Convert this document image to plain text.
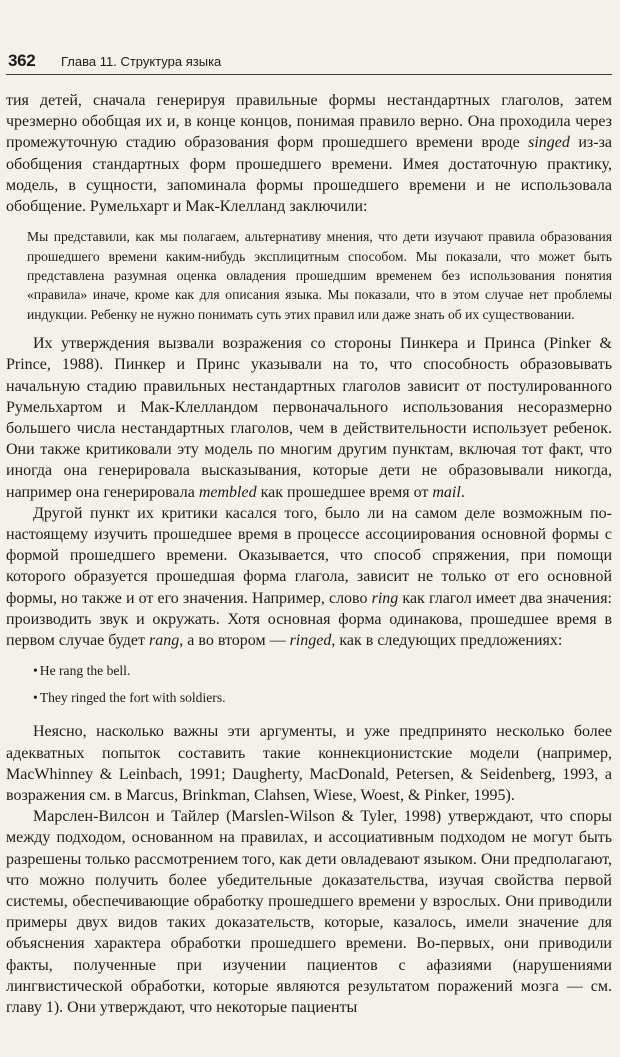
362 Глава 11. Структура языка

тия детей, сначала генерируя правильные формы нестандартных глаголов, затем чрезмерно обобщая их и, в конце концов, понимая правило верно. Она проходила через промежуточную стадию образования форм прошедшего времени вроде singed из-за обобщения стандартных форм прошедшего времени. Имея достаточную практику, модель, в сущности, запоминала формы прошедшего времени и не использовала обобщение. Румельхарт и Мак-Клелланд заключили:

Мы представили, как мы полагаем, альтернативу мнения, что дети изучают правила образования прошедшего времени каким-нибудь эксплицитным способом. Мы показали, что может быть представлена разумная оценка овладения прошедшим временем без использования понятия «правила» иначе, кроме как для описания языка. Мы показали, что в этом случае нет проблемы индукции. Ребенку не нужно понимать суть этих правил или даже знать об их существовании.

Их утверждения вызвали возражения со стороны Пинкера и Принса (Pinker & Prince, 1988). Пинкер и Принс указывали на то, что способность образовывать начальную стадию правильных нестандартных глаголов зависит от постулированного Румельхартом и Мак-Клелландом первоначального использования несоразмерно большего числа нестандартных глаголов, чем в действительности использует ребенок. Они также критиковали эту модель по многим другим пунктам, включая тот факт, что иногда она генерировала высказывания, которые дети не образовывали никогда, например она генерировала membled как прошедшее время от mail.

Другой пункт их критики касался того, было ли на самом деле возможным по-настоящему изучить прошедшее время в процессе ассоциирования основной формы с формой прошедшего времени. Оказывается, что способ спряжения, при помощи которого образуется прошедшая форма глагола, зависит не только от его основной формы, но также и от его значения. Например, слово ring как глагол имеет два значения: производить звук и окружать. Хотя основная форма одинакова, прошедшее время в первом случае будет rang, а во втором — ringed, как в следующих предложениях:

• He rang the bell.
• They ringed the fort with soldiers.

Неясно, насколько важны эти аргументы, и уже предпринято несколько более адекватных попыток составить такие коннекционистские модели (например, MacWhinney & Leinbach, 1991; Daugherty, MacDonald, Petersen, & Seidenberg, 1993, а возражения см. в Marcus, Brinkman, Clahsen, Wiese, Woest, & Pinker, 1995).

Марслен-Вилсон и Тайлер (Marslen-Wilson & Tyler, 1998) утверждают, что споры между подходом, основанном на правилах, и ассоциативным подходом не могут быть разрешены только рассмотрением того, как дети овладевают языком. Они предполагают, что можно получить более убедительные доказательства, изучая свойства первой системы, обеспечивающие обработку прошедшего времени у взрослых. Они приводили примеры двух видов таких доказательств, которые, казалось, имели значение для объяснения характера обработки прошедшего времени. Во-первых, они приводили факты, полученные при изучении пациентов с афазиями (нарушениями лингвистической обработки, которые являются результатом поражений мозга — см. главу 1). Они утверждают, что некоторые пациенты
